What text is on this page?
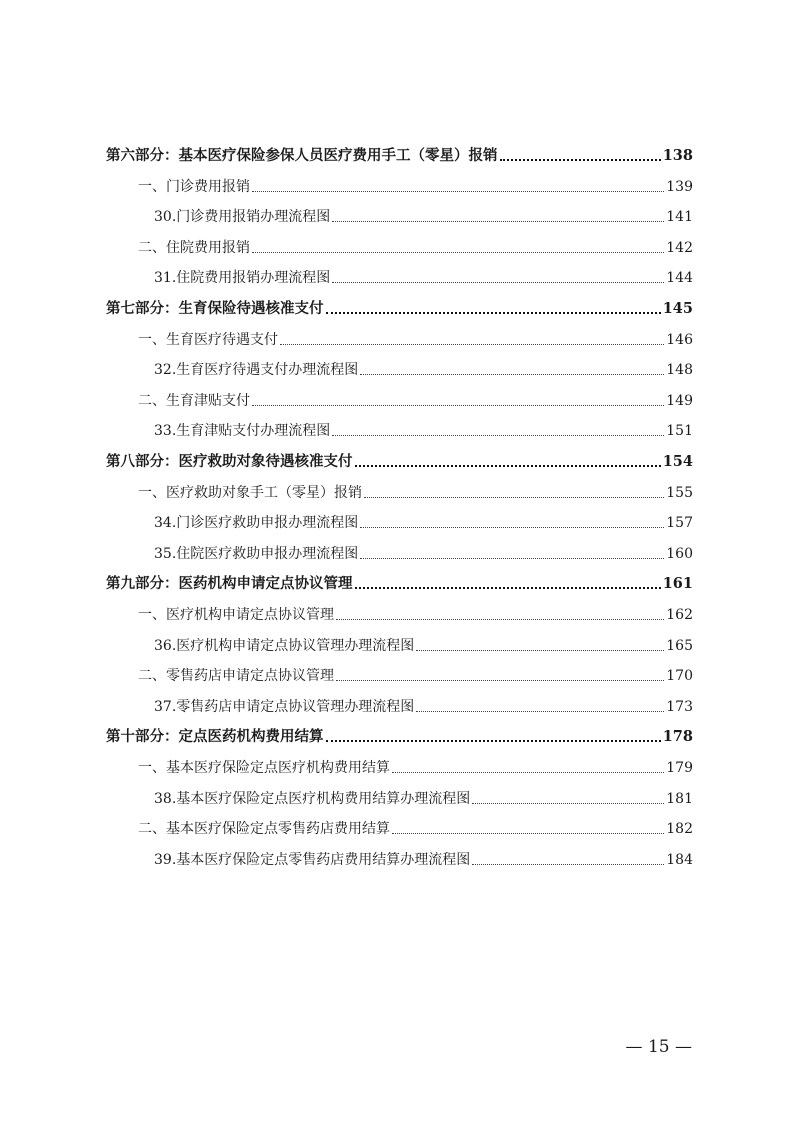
第六部分：基本医疗保险参保人员医疗费用手工（零星）报销	138
一、门诊费用报销	139
30.门诊费用报销办理流程图	141
二、住院费用报销	142
31.住院费用报销办理流程图	144
第七部分：生育保险待遇核准支付	145
一、生育医疗待遇支付	146
32.生育医疗待遇支付办理流程图	148
二、生育津贴支付	149
33.生育津贴支付办理流程图	151
第八部分：医疗救助对象待遇核准支付	154
一、医疗救助对象手工（零星）报销	155
34.门诊医疗救助申报办理流程图	157
35.住院医疗救助申报办理流程图	160
第九部分：医药机构申请定点协议管理	161
一、医疗机构申请定点协议管理	162
36.医疗机构申请定点协议管理办理流程图	165
二、零售药店申请定点协议管理	170
37.零售药店申请定点协议管理办理流程图	173
第十部分：定点医药机构费用结算	178
一、基本医疗保险定点医疗机构费用结算	179
38.基本医疗保险定点医疗机构费用结算办理流程图	181
二、基本医疗保险定点零售药店费用结算	182
39.基本医疗保险定点零售药店费用结算办理流程图	184
— 15 —
